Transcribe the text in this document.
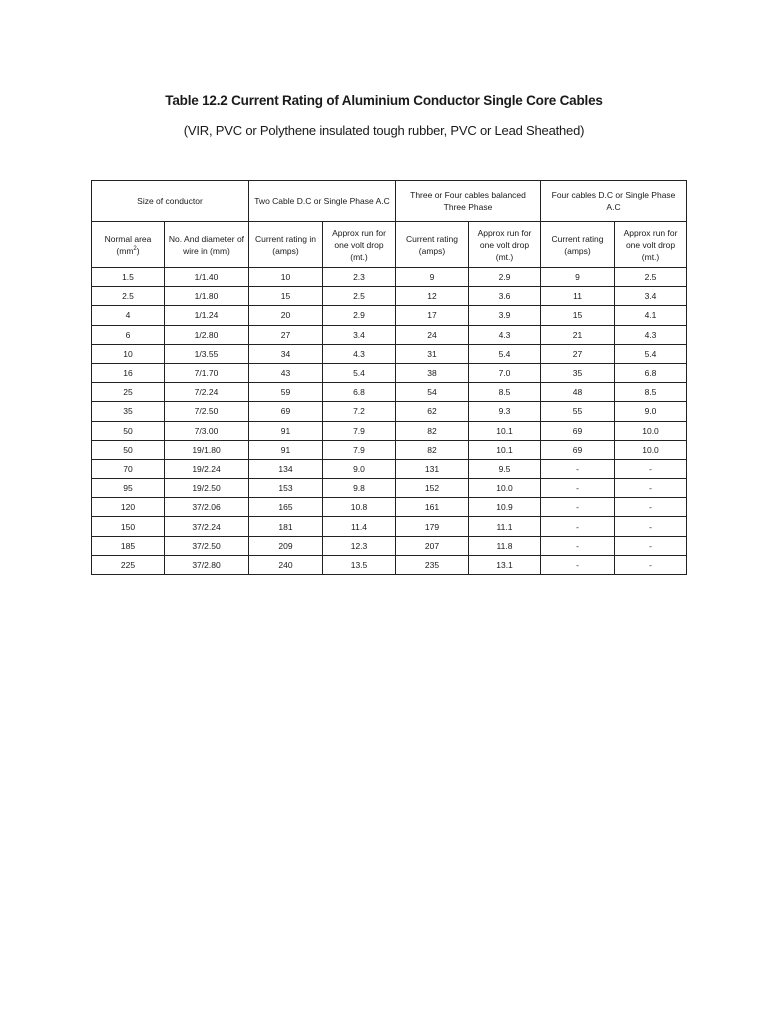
Table 12.2 Current Rating of Aluminium Conductor Single Core Cables
(VIR, PVC or Polythene insulated tough rubber, PVC or Lead Sheathed)
Size of conductor		Two Cable D.C or Single Phase A.C		Three or Four cables balanced Three Phase		Four cables D.C or Single Phase A.C	
Normal area
$(mm^2)$	No. And diameter of wire in (mm)	Current rating in (amps)	Approx run for one volt drop (mt.)	Current rating (amps)	Approx run for one volt drop (mt.)	Current rating (amps)	Approx run for one volt drop (mt.)
1.5	1/1.40	10	2.3	9	2.9	9	2.5
2.5	1/1.80	15	2.5	12	3.6	11	3.4
4	1/1.24	20	2.9	17	3.9	15	4.1
6	1/2.80	27	3.4	24	4.3	21	4.3
10	1/3.55	34	4.3	31	5.4	27	5.4
16	7/1.70	43	5.4	38	7.0	35	6.8
25	7/2.24	59	6.8	54	8.5	48	8.5
35	7/2.50	69	7.2	62	9.3	55	9.0
50	7/3.00	91	7.9	82	10.1	69	10.0
50	19/1.80	91	7.9	82	10.1	69	10.0
70	19/2.24	134	9.0	131	9.5	-	-
95	19/2.50	153	9.8	152	10.0	-	-
120	37/2.06	165	10.8	161	10.9	-	-
150	37/2.24	181	11.4	179	11.1	-	-
185	37/2.50	209	12.3	207	11.8	-	-
225	37/2.80	240	13.5	235	13.1	-	-
